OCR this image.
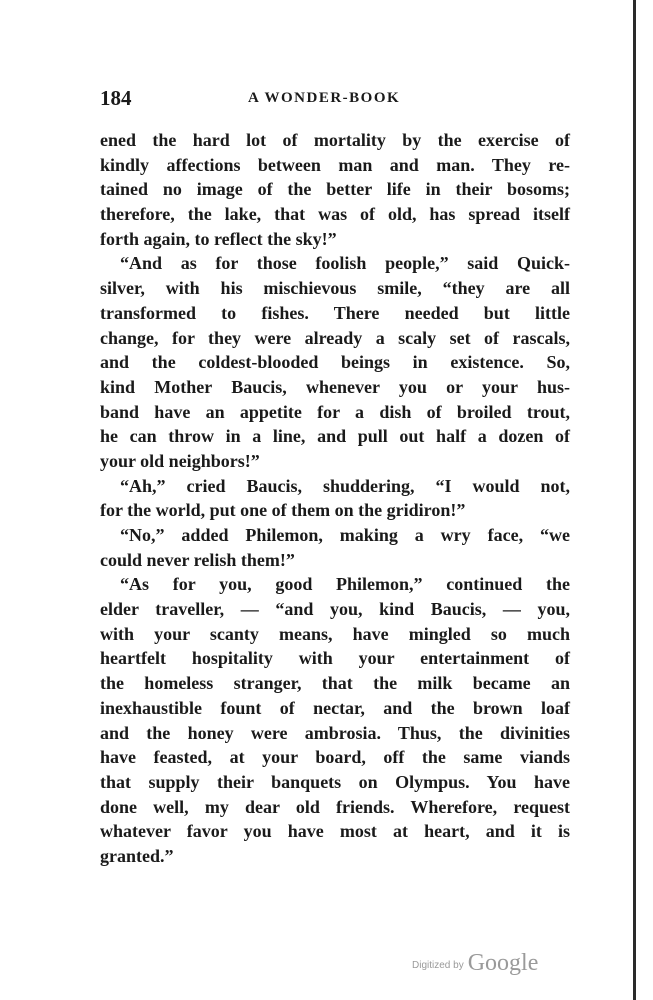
184	A WONDER-BOOK
ened the hard lot of mortality by the exercise of
kindly affections between man and man. They re-
tained no image of the better life in their bosoms;
therefore, the lake, that was of old, has spread itself
forth again, to reflect the sky!”
“And as for those foolish people,” said Quick-
silver, with his mischievous smile, “they are all
transformed to fishes. There needed but little
change, for they were already a scaly set of rascals,
and the coldest-blooded beings in existence. So,
kind Mother Baucis, whenever you or your hus-
band have an appetite for a dish of broiled trout,
he can throw in a line, and pull out half a dozen of
your old neighbors!”
“Ah,” cried Baucis, shuddering, “I would not,
for the world, put one of them on the gridiron!”
“No,” added Philemon, making a wry face, “we
could never relish them!”
“As for you, good Philemon,” continued the
elder traveller, — “and you, kind Baucis, — you,
with your scanty means, have mingled so much
heartfelt hospitality with your entertainment of
the homeless stranger, that the milk became an
inexhaustible fount of nectar, and the brown loaf
and the honey were ambrosia. Thus, the divinities
have feasted, at your board, off the same viands
that supply their banquets on Olympus. You have
done well, my dear old friends. Wherefore, request
whatever favor you have most at heart, and it is
granted.”
Digitized by Google
